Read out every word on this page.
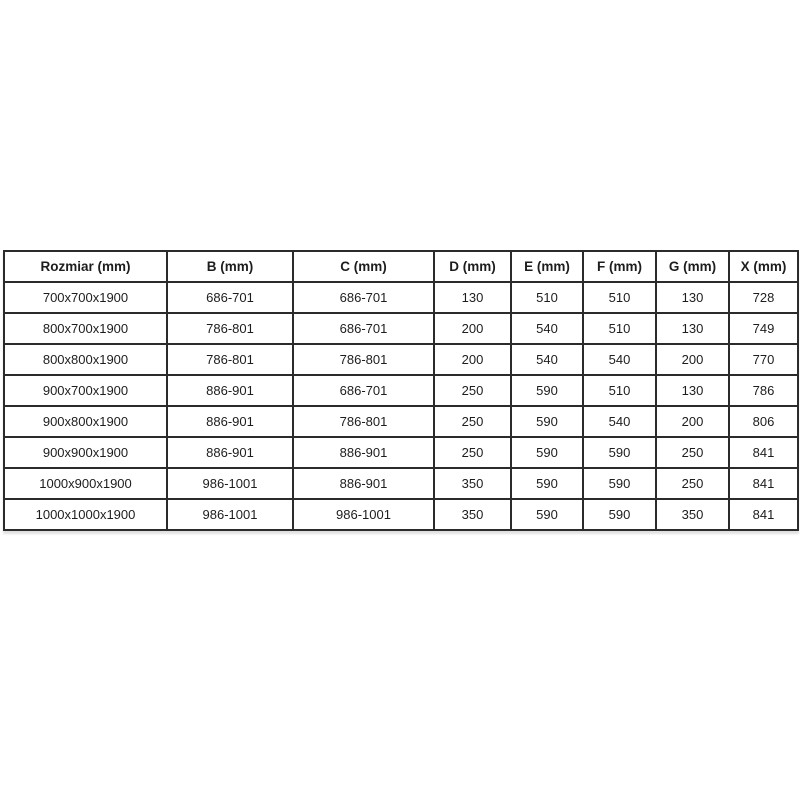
Rozmiar (mm)	B (mm)	C (mm)	D (mm)	E (mm)	F (mm)	G (mm)	X (mm)
700x700x1900	686-701	686-701	130	510	510	130	728
800x700x1900	786-801	686-701	200	540	510	130	749
800x800x1900	786-801	786-801	200	540	540	200	770
900x700x1900	886-901	686-701	250	590	510	130	786
900x800x1900	886-901	786-801	250	590	540	200	806
900x900x1900	886-901	886-901	250	590	590	250	841
1000x900x1900	986-1001	886-901	350	590	590	250	841
1000x1000x1900	986-1001	986-1001	350	590	590	350	841
